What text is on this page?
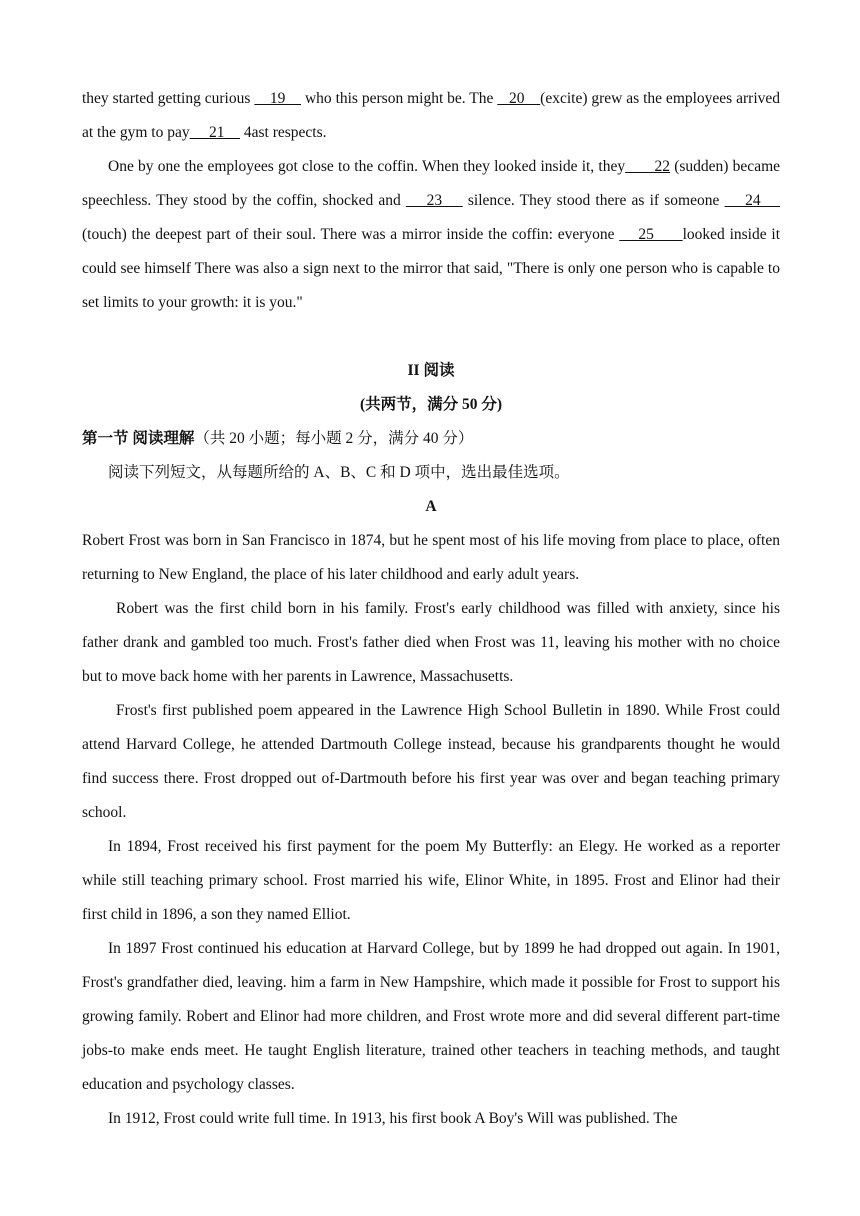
they started getting curious     19     who this person might be. The    20    (excite) grew as the employees arrived at the gym to pay     21     4ast respects.

One by one the employees got close to the coffin. When they looked inside it, they       22 (sudden) became speechless. They stood by the coffin, shocked and     23     silence. They stood there as if someone     24     (touch) the deepest part of their soul. There was a mirror inside the coffin: everyone     25      looked inside it could see himself There was also a sign next to the mirror that said, "There is only one person who is capable to set limits to your growth: it is you."

II 阅读

(共两节，满分 50 分)

第一节 阅读理解（共 20 小题；每小题 2 分，满分 40 分）

阅读下列短文，从每题所给的 A、B、C 和 D 项中，选出最佳选项。

A

Robert Frost was born in San Francisco in 1874, but he spent most of his life moving from place to place, often returning to New England, the place of his later childhood and early adult years.

Robert was the first child born in his family. Frost's early childhood was filled with anxiety, since his father drank and gambled too much. Frost's father died when Frost was 11, leaving his mother with no choice but to move back home with her parents in Lawrence, Massachusetts.

Frost's first published poem appeared in the Lawrence High School Bulletin in 1890. While Frost could attend Harvard College, he attended Dartmouth College instead, because his grandparents thought he would find success there. Frost dropped out of-Dartmouth before his first year was over and began teaching primary school.

In 1894, Frost received his first payment for the poem My Butterfly: an Elegy. He worked as a reporter while still teaching primary school. Frost married his wife, Elinor White, in 1895. Frost and Elinor had their first child in 1896, a son they named Elliot.

In 1897 Frost continued his education at Harvard College, but by 1899 he had dropped out again. In 1901, Frost's grandfather died, leaving. him a farm in New Hampshire, which made it possible for Frost to support his growing family. Robert and Elinor had more children, and Frost wrote more and did several different part-time jobs-to make ends meet. He taught English literature, trained other teachers in teaching methods, and taught education and psychology classes.

In 1912, Frost could write full time. In 1913, his first book A Boy's Will was published. The
